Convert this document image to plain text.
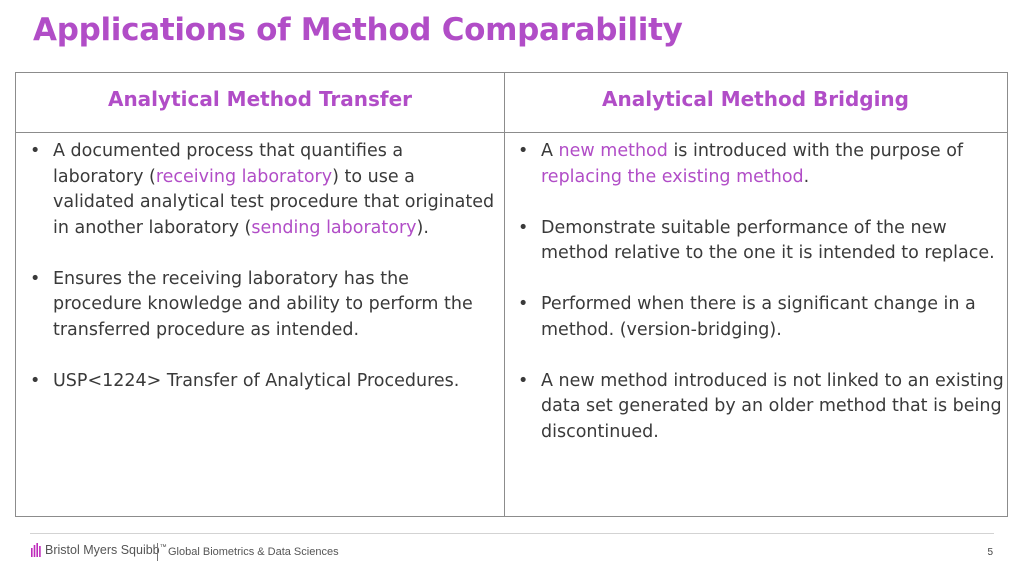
Applications of Method Comparability
Analytical Method Transfer	Analytical Method Bridging
• A documented process that quantifies a laboratory (receiving laboratory) to use a validated analytical test procedure that originated in another laboratory (sending laboratory).
• Ensures the receiving laboratory has the procedure knowledge and ability to perform the transferred procedure as intended.
• USP<1224> Transfer of Analytical Procedures.
• A new method is introduced with the purpose of replacing the existing method.
• Demonstrate suitable performance of the new method relative to the one it is intended to replace.
• Performed when there is a significant change in a method. (version-bridging).
• A new method introduced is not linked to an existing data set generated by an older method that is being discontinued.
Bristol Myers Squibb™ Global Biometrics & Data Sciences	5
